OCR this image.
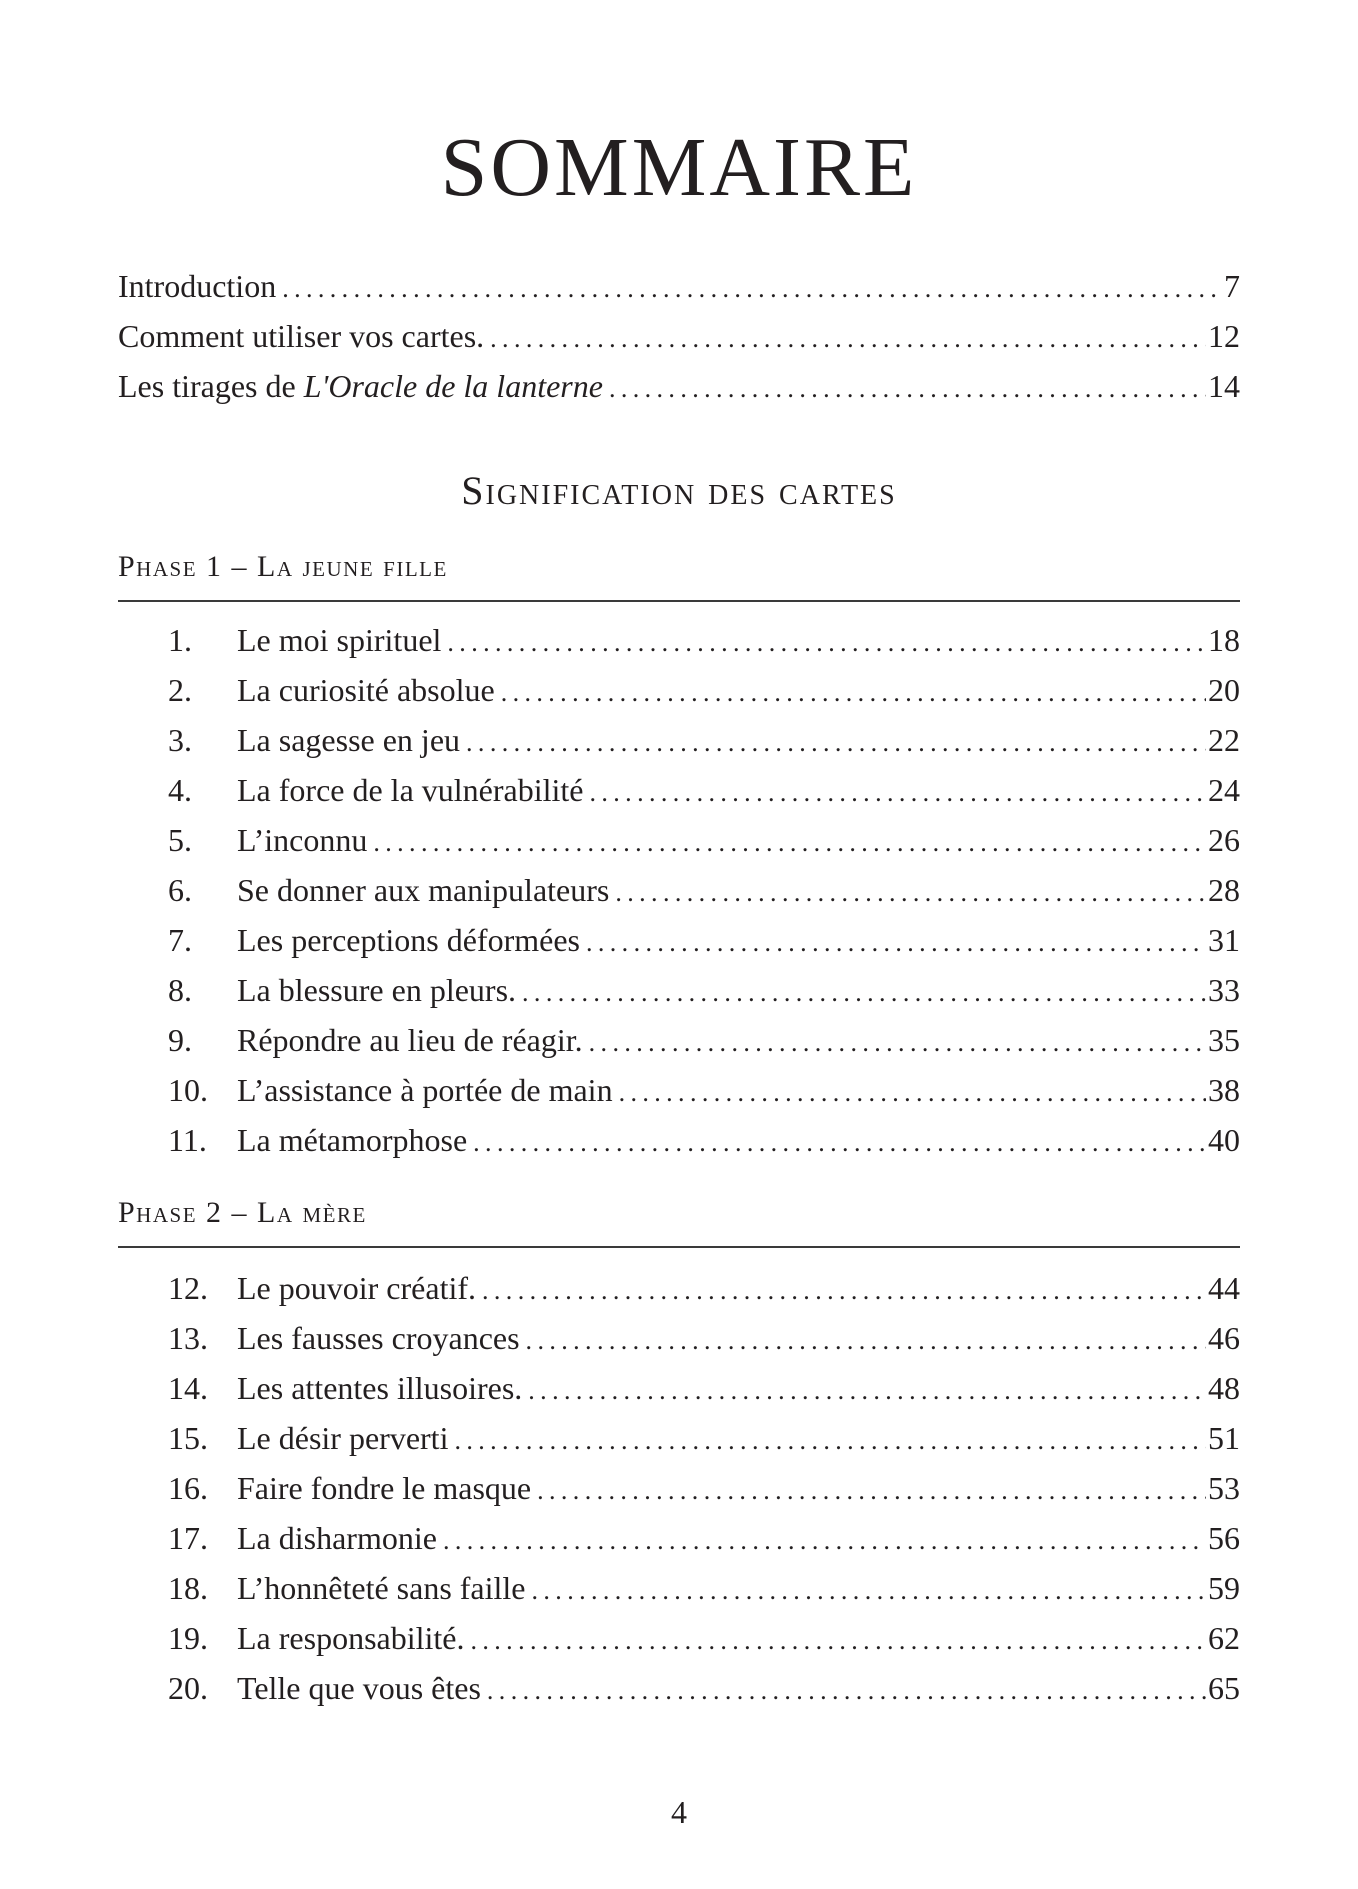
SOMMAIRE
Introduction .....	7
Comment utiliser vos cartes. .....	12
Les tirages de L'Oracle de la lanterne .....	14
Signification des cartes
Phase 1 – La jeune fille
1.	Le moi spirituel .....	18
2.	La curiosité absolue .....	20
3.	La sagesse en jeu .....	22
4.	La force de la vulnérabilité .....	24
5.	L’inconnu .....	26
6.	Se donner aux manipulateurs .....	28
7.	Les perceptions déformées .....	31
8.	La blessure en pleurs. .....	33
9.	Répondre au lieu de réagir. .....	35
10. L’assistance à portée de main .....	38
11. La métamorphose .....	40
Phase 2 – La mère
12. Le pouvoir créatif. .....	44
13. Les fausses croyances .....	46
14. Les attentes illusoires. .....	48
15. Le désir perverti .....	51
16. Faire fondre le masque .....	53
17. La disharmonie .....	56
18. L’honnêteté sans faille .....	59
19. La responsabilité. .....	62
20. Telle que vous êtes .....	65
4
